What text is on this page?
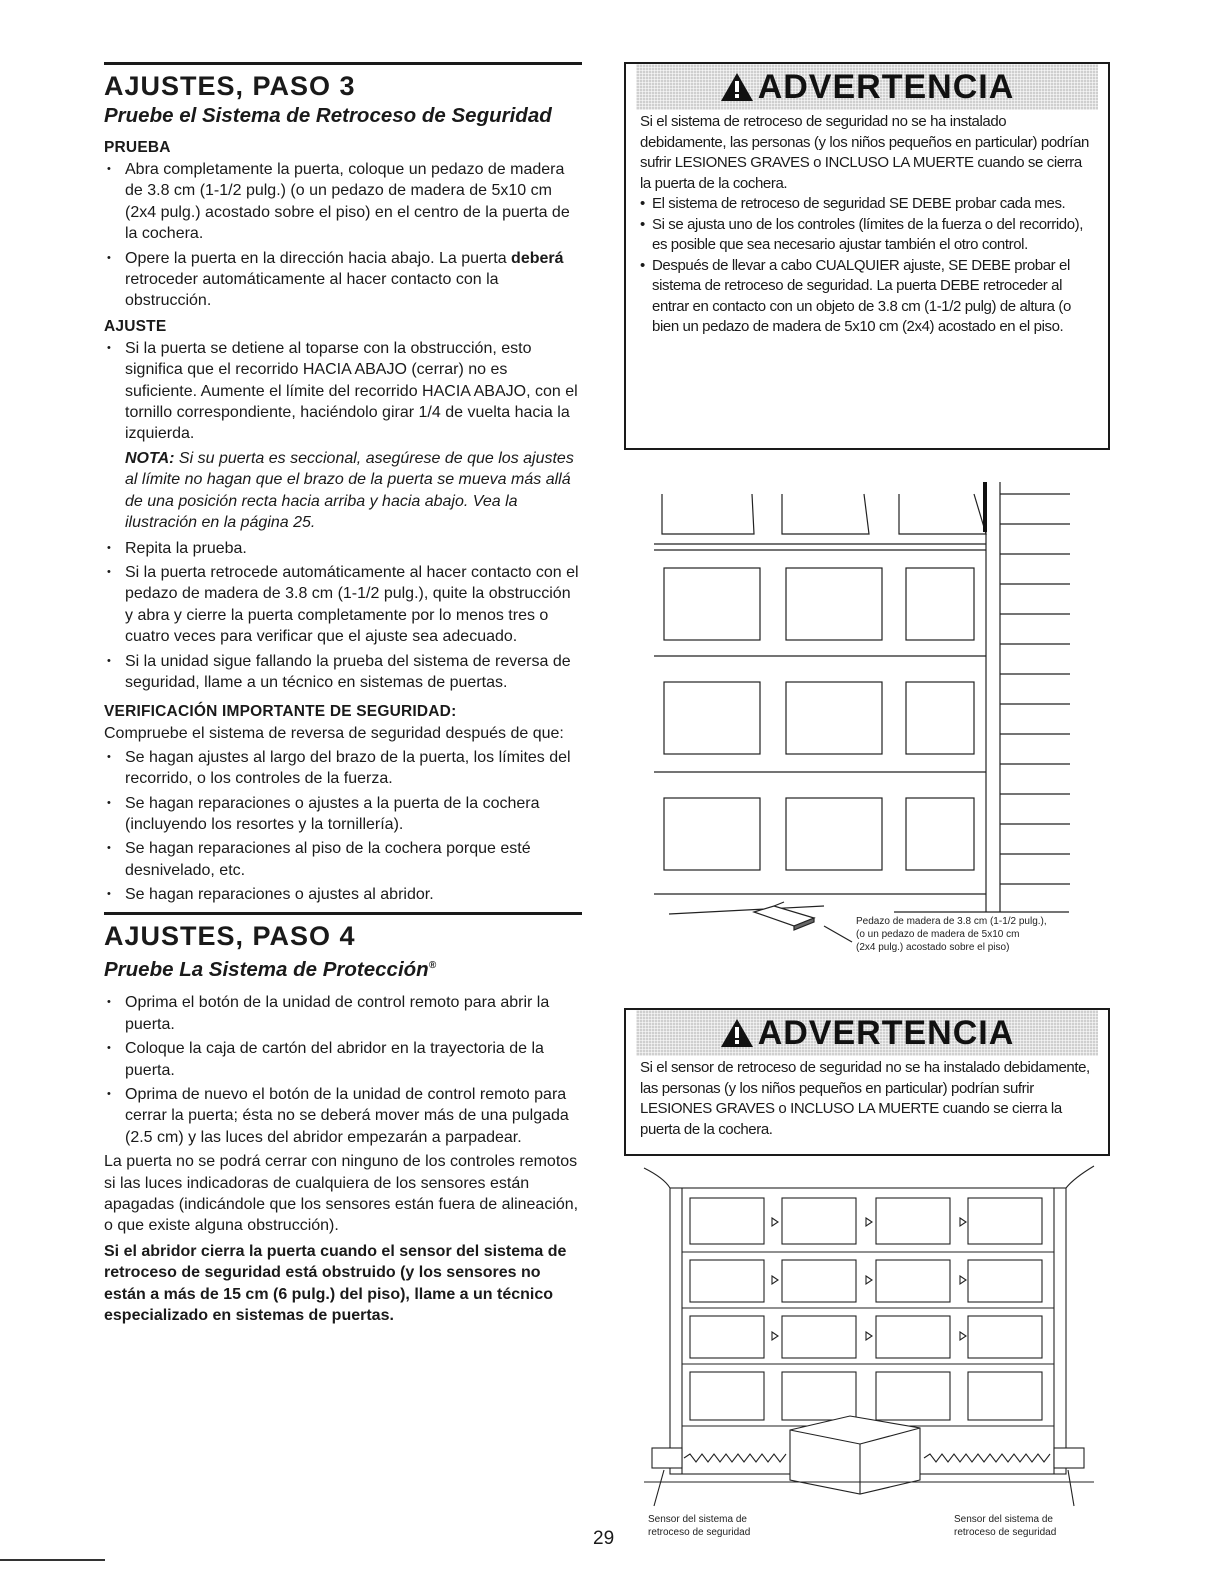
AJUSTES, PASO 3
Pruebe el Sistema de Retroceso de Seguridad
PRUEBA
• Abra completamente la puerta, coloque un pedazo de madera de 3.8 cm (1-1/2 pulg.) (o un pedazo de madera de 5x10 cm (2x4 pulg.) acostado sobre el piso) en el centro de la puerta de la cochera.
• Opere la puerta en la dirección hacia abajo. La puerta deberá retroceder automáticamente al hacer contacto con la obstrucción.
AJUSTE
• Si la puerta se detiene al toparse con la obstrucción, esto significa que el recorrido HACIA ABAJO (cerrar) no es suficiente. Aumente el límite del recorrido HACIA ABAJO, con el tornillo correspondiente, haciéndolo girar 1/4 de vuelta hacia la izquierda.

NOTA: Si su puerta es seccional, asegúrese de que los ajustes al límite no hagan que el brazo de la puerta se mueva más allá de una posición recta hacia arriba y hacia abajo. Vea la ilustración en la página 25.

• Repita la prueba.
• Si la puerta retrocede automáticamente al hacer contacto con el pedazo de madera de 3.8 cm (1-1/2 pulg.), quite la obstrucción y abra y cierre la puerta completamente por lo menos tres o cuatro veces para verificar que el ajuste sea adecuado.
• Si la unidad sigue fallando la prueba del sistema de reversa de seguridad, llame a un técnico en sistemas de puertas.
VERIFICACIÓN IMPORTANTE DE SEGURIDAD:

Compruebe el sistema de reversa de seguridad después de que:

• Se hagan ajustes al largo del brazo de la puerta, los límites del recorrido, o los controles de la fuerza.
• Se hagan reparaciones o ajustes a la puerta de la cochera (incluyendo los resortes y la tornillería).
• Se hagan reparaciones al piso de la cochera porque esté desnivelado, etc.
• Se hagan reparaciones o ajustes al abridor.
AJUSTES, PASO 4
Pruebe La Sistema de Protección®
• Oprima el botón de la unidad de control remoto para abrir la puerta.
• Coloque la caja de cartón del abridor en la trayectoria de la puerta.
• Oprima de nuevo el botón de la unidad de control remoto para cerrar la puerta; ésta no se deberá mover más de una pulgada (2.5 cm) y las luces del abridor empezarán a parpadear.

La puerta no se podrá cerrar con ninguno de los controles remotos si las luces indicadoras de cualquiera de los sensores están apagadas (indicándole que los sensores están fuera de alineación, o que existe alguna obstrucción).

Si el abridor cierra la puerta cuando el sensor del sistema de retroceso de seguridad está obstruido (y los sensores no están a más de 15 cm (6 pulg.) del piso), llame a un técnico especializado en sistemas de puertas.

ADVERTENCIA

Si el sistema de retroceso de seguridad no se ha instalado debidamente, las personas (y los niños pequeños en particular) podrían sufrir LESIONES GRAVES o INCLUSO LA MUERTE cuando se cierra la puerta de la cochera.

• El sistema de retroceso de seguridad SE DEBE probar cada mes.
• Si se ajusta uno de los controles (límites de la fuerza o del recorrido), es posible que sea necesario ajustar también el otro control.
• Después de llevar a cabo CUALQUIER ajuste, SE DEBE probar el sistema de retroceso de seguridad. La puerta DEBE retroceder al entrar en contacto con un objeto de 3.8 cm (1-1/2 pulg) de altura (o bien un pedazo de madera de 5x10 cm (2x4) acostado en el piso.
Pedazo de madera de 3.8 cm (1-1/2 pulg.),
(o un pedazo de madera de 5x10 cm
(2x4 pulg.) acostado sobre el piso)
ADVERTENCIA

Si el sensor de retroceso de seguridad no se ha instalado debidamente, las personas (y los niños pequeños en particular) podrían sufrir LESIONES GRAVES o INCLUSO LA MUERTE cuando se cierra la puerta de la cochera.

Sensor del sistema de
retroceso de seguridad
Sensor del sistema de
retroceso de seguridad
29
